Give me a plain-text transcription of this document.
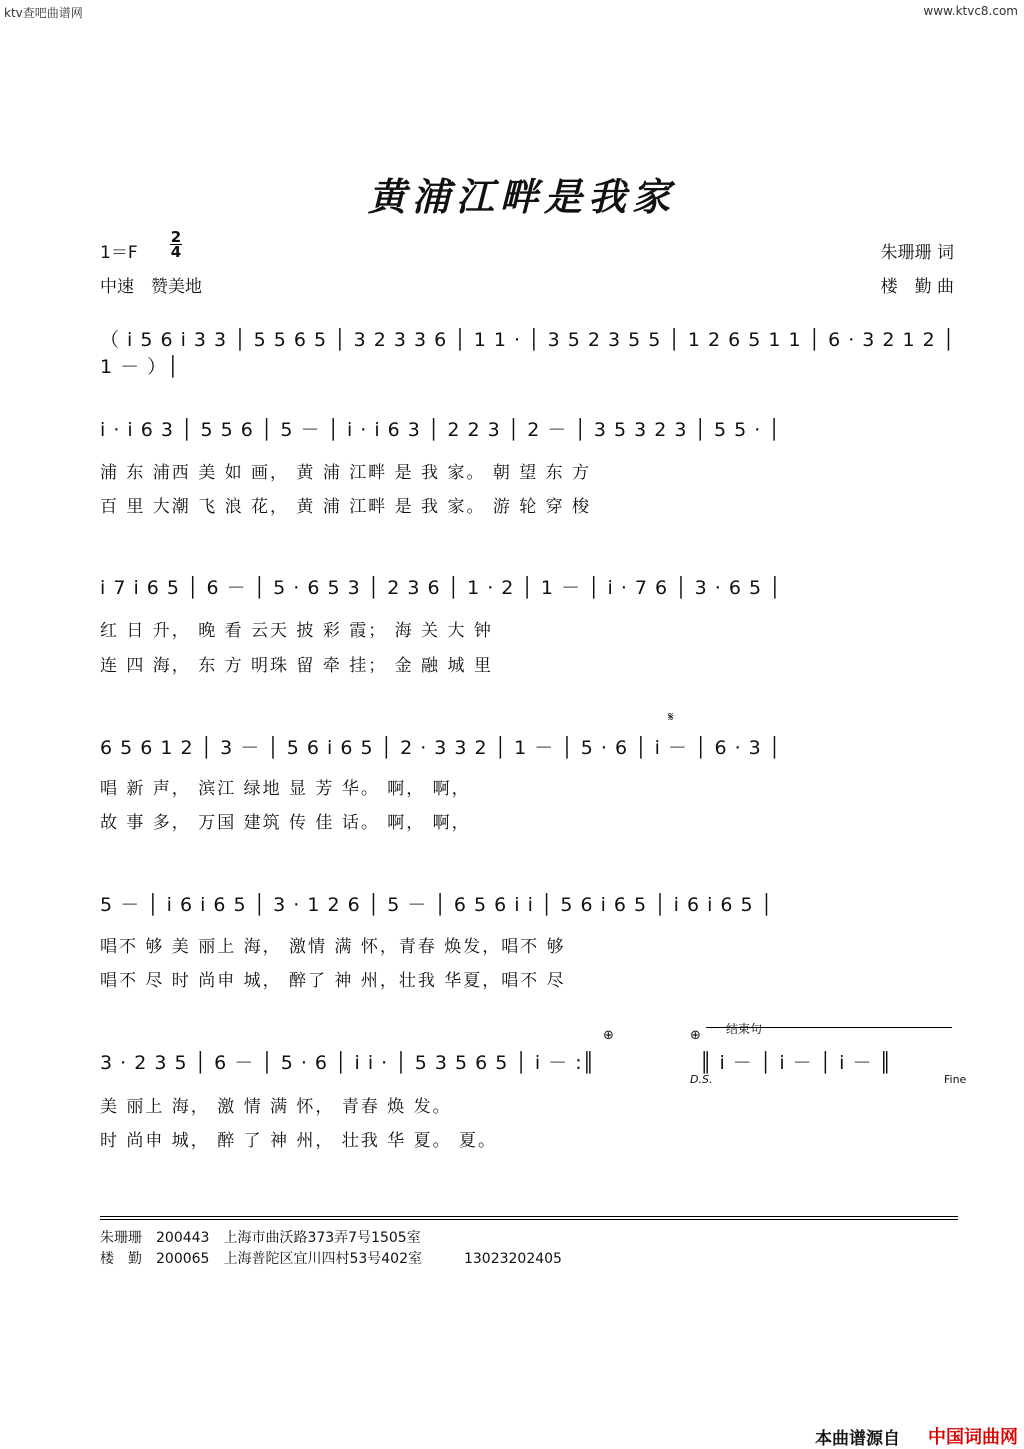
ktv查吧曲谱网	www.ktvc8.com
黄浦江畔是我家
1＝F
2
4
中速　赞美地
朱珊珊 词
楼　勤 曲
（ i 5 6 i 3 3 │ 5 5 6 5 │ 3 2 3 3 6 │ 1 1 · │ 3 5 2 3 5 5 │ 1 2 6 5 1 1 │ 6 · 3 2 1 2 │ 1 － ）│
i · i 6 3 │ 5 5 6 │ 5 － │ i · i 6 3 │ 2 2 3 │ 2 － │ 3 5 3 2 3 │ 5 5 · │
浦 东 浦西 美 如 画， 黄 浦 江畔 是 我 家。 朝 望 东 方
百 里 大潮 飞 浪 花， 黄 浦 江畔 是 我 家。 游 轮 穿 梭
i 7 i 6 5 │ 6 － │ 5 · 6 5 3 │ 2 3 6 │ 1 · 2 │ 1 － │ i · 7 6 │ 3 · 6 5 │
红 日 升， 晚 看 云天 披 彩 霞； 海 关 大 钟
连 四 海， 东 方 明珠 留 牵 挂； 金 融 城 里
𝄋
6 5 6 1 2 │ 3 － │ 5 6 i 6 5 │ 2 · 3 3 2 │ 1 － │ 5 · 6 │ i － │ 6 · 3 │
唱 新 声， 滨江 绿地 显 芳 华。 啊， 啊，
故 事 多， 万国 建筑 传 佳 话。 啊， 啊，
5 － │ i 6 i 6 5 │ 3 · 1 2 6 │ 5 － │ 6 5 6 i i │ 5 6 i 6 5 │ i 6 i 6 5 │
唱不 够 美 丽上 海， 激情 满 怀，青春 焕发，唱不 够
唱不 尽 时 尚申 城， 醉了 神 州，壮我 华夏，唱不 尽
⊕	⊕ 结束句
3 · 2 3 5 │ 6 － │ 5 · 6 │ i i · │ 5 3 5 6 5 │ i － :║	║ i － │ i － │ i － ║
D.S.	Fine
美 丽上 海， 激 情 满 怀， 青春 焕 发。
时 尚申 城， 醉 了 神 州， 壮我 华 夏。 夏。
朱珊珊　200443　上海市曲沃路373弄7号1505室
楼　勤　200065　上海普陀区宜川四村53号402室　　　13023202405
本曲谱源自 中国词曲网
